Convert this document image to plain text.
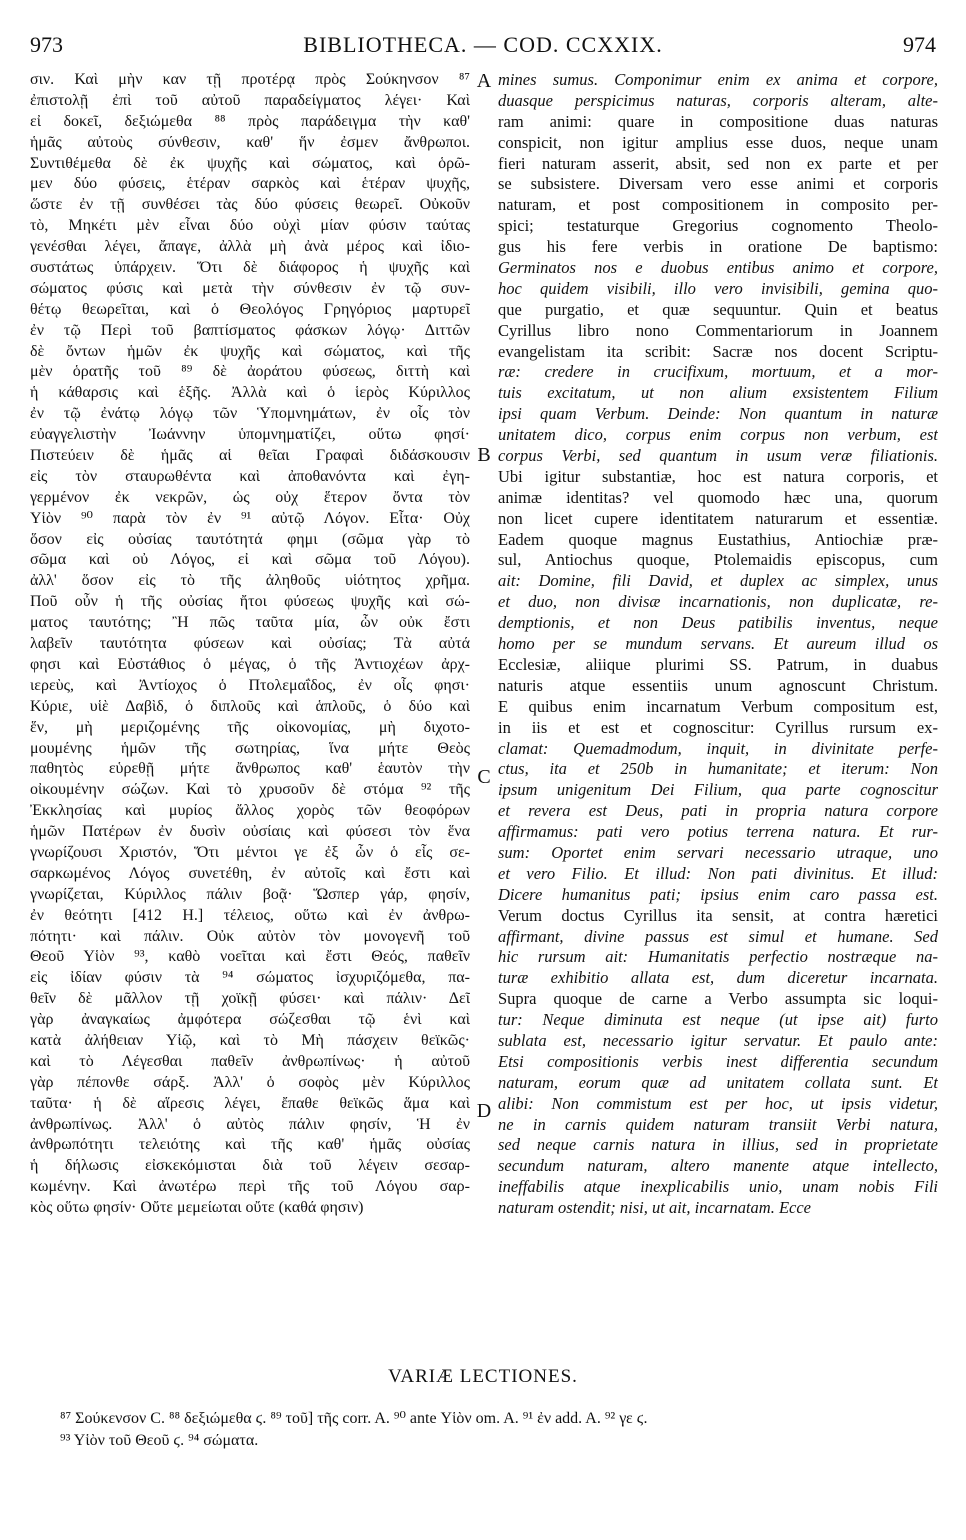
973	BIBLIOTHECA. — COD. CCXXIX.	974
σιν. Καὶ μὴν καν τῇ προτέρᾳ πρὸς Σούκηνσον ⁸⁷
ἐπιστολῇ ἐπὶ τοῦ αὐτοῦ παραδείγματος λέγει· Καὶ
εἰ δοκεῖ, δεξιώμεθα ⁸⁸ πρὸς παράδειγμα τὴν καθ'
ἡμᾶς αὐτοὺς σύνθεσιν, καθ' ἥν ἐσμεν ἄνθρωποι.
Συντιθέμεθα δὲ ἐκ ψυχῆς καὶ σώματος, καὶ ὁρῶ-
μεν δύο φύσεις, ἑτέραν σαρκὸς καὶ ἑτέραν ψυχῆς,
ὥστε ἐν τῇ συνθέσει τὰς δύο φύσεις θεωρεῖ. Οὐκοῦν
τὸ, Μηκέτι μὲν εἶναι δύο οὐχὶ μίαν φύσιν ταύτας
γενέσθαι λέγει, ἄπαγε, ἀλλὰ μὴ ἀνὰ μέρος καὶ ἰδιο-
συστάτως ὑπάρχειν. Ὅτι δὲ διάφορος ἡ ψυχῆς καὶ
σώματος φύσις καὶ μετὰ τὴν σύνθεσιν ἐν τῷ συν-
θέτῳ θεωρεῖται, καὶ ὁ Θεολόγος Γρηγόριος μαρτυρεῖ
ἐν τῷ Περὶ τοῦ βαπτίσματος φάσκων λόγῳ· Διττῶν
δὲ ὄντων ἡμῶν ἐκ ψυχῆς καὶ σώματος, καὶ τῆς
μὲν ὁρατῆς τοῦ ⁸⁹ δὲ ἀοράτου φύσεως, διττὴ καὶ
ἡ κάθαρσις καὶ ἑξῆς. Ἀλλὰ καὶ ὁ ἱερὸς Κύριλλος
ἐν τῷ ἐνάτῳ λόγῳ τῶν Ὑπομνημάτων, ἐν οἷς τὸν
εὐαγγελιστὴν Ἰωάννην ὑπομνηματίζει, οὕτω φησί·
Πιστεύειν δὲ ἡμᾶς αἱ θεῖαι Γραφαὶ διδάσκουσιν
εἰς τὸν σταυρωθέντα καὶ ἀποθανόντα καὶ ἐγη-
γερμένον ἐκ νεκρῶν, ὡς οὐχ ἕτερον ὄντα τὸν
Υἱὸν ⁹⁰ παρὰ τὸν ἐν ⁹¹ αὐτῷ Λόγον. Εἶτα· Οὐχ
ὅσον εἰς οὐσίας ταυτότητά φημι (σῶμα γὰρ τὸ
σῶμα καὶ οὐ Λόγος, εἰ καὶ σῶμα τοῦ Λόγου).
ἀλλ' ὅσον εἰς τὸ τῆς ἀληθοῦς υἱότητος χρῆμα.
Ποῦ οὖν ἡ τῆς οὐσίας ἤτοι φύσεως ψυχῆς καὶ σώ-
ματος ταυτότης; Ἢ πῶς ταῦτα μία, ὧν οὐκ ἔστι
λαβεῖν ταυτότητα φύσεων καὶ οὐσίας; Τὰ αὐτά
φησι καὶ Εὐστάθιος ὁ μέγας, ὁ τῆς Ἀντιοχέων ἀρχ-
ιερεὺς, καὶ Ἀντίοχος ὁ Πτολεμαΐδος, ἐν οἷς φησι·
Κύριε, υἱὲ Δαβὶδ, ὁ διπλοῦς καὶ ἁπλοῦς, ὁ δύο καὶ
ἕν, μὴ μεριζομένης τῆς οἰκονομίας, μὴ διχοτο-
μουμένης ἡμῶν τῆς σωτηρίας, ἵνα μήτε Θεὸς
παθητὸς εὑρεθῇ μήτε ἄνθρωπος καθ' ἑαυτὸν τὴν
οἰκουμένην σώζων. Καὶ τὸ χρυσοῦν δὲ στόμα ⁹² τῆς
Ἐκκλησίας καὶ μυρίος ἄλλος χορὸς τῶν θεοφόρων
ἡμῶν Πατέρων ἐν δυσὶν οὐσίαις καὶ φύσεσι τὸν ἕνα
γνωρίζουσι Χριστόν, Ὅτι μέντοι γε ἐξ ὧν ὁ εἷς σε-
σαρκωμένος Λόγος συνετέθη, ἐν αὐτοῖς καὶ ἔστι καὶ
γνωρίζεται, Κύριλλος πάλιν βοᾷ· Ὥσπερ γάρ, φησίν,
ἐν θεότητι [412 H.] τέλειος, οὕτω καὶ ἐν ἀνθρω-
πότητι· καὶ πάλιν. Οὐκ αὐτὸν τὸν μονογενῆ τοῦ
Θεοῦ Υἱὸν ⁹³, καθὸ νοεῖται καὶ ἔστι Θεός, παθεῖν
εἰς ἰδίαν φύσιν τὰ ⁹⁴ σώματος ἰσχυριζόμεθα, πα-
θεῖν δὲ μᾶλλον τῇ χοϊκῇ φύσει· καὶ πάλιν· Δεῖ
γὰρ ἀναγκαίως ἀμφότερα σώζεσθαι τῷ ἑνὶ καὶ
κατὰ ἀλήθειαν Υἱῷ, καὶ τὸ Μὴ πάσχειν θεϊκῶς·
καὶ τὸ Λέγεσθαι παθεῖν ἀνθρωπίνως· ἡ αὐτοῦ
γὰρ πέπονθε σάρξ. Ἀλλ' ὁ σοφὸς μὲν Κύριλλος
ταῦτα· ἡ δὲ αἵρεσις λέγει, ἔπαθε θεϊκῶς ἅμα καὶ
ἀνθρωπίνως. Ἀλλ' ὁ αὐτὸς πάλιν φησίν, Ἡ ἐν
ἀνθρωπότητι τελειότης καὶ τῆς καθ' ἡμᾶς οὐσίας
ἡ δήλωσις εἰσκεκόμισται διὰ τοῦ λέγειν σεσαρ-
κωμένην. Καὶ ἀνωτέρω περὶ τῆς τοῦ Λόγου σαρ-
κὸς οὕτω φησίν· Οὔτε μεμείωται οὔτε (καθά φησιν)
mines sumus. Componimur enim ex anima et corpore,
duasque perspicimus naturas, corporis alteram, alte-
ram animi: quare in compositione duas naturas
conspicit, non igitur amplius esse duos, neque unam
fieri naturam asserit, absit, sed non ex parte et per
se subsistere. Diversam vero esse animi et corporis
naturam, et post compositionem in composito per-
spici; testaturque Gregorius cognomento Theolo-
gus his fere verbis in oratione De baptismo:
Germinatos nos e duobus entibus animo et corpore,
hoc quidem visibili, illo vero invisibili, gemina quo-
que purgatio, et quæ sequuntur. Quin et beatus
Cyrillus libro nono Commentariorum in Joannem
evangelistam ita scribit: Sacræ nos docent Scriptu-
ræ: credere in crucifixum, mortuum, et a mor-
tuis excitatum, ut non alium exsistentem Filium
ipsi quam Verbum. Deinde: Non quantum in naturæ
unitatem dico, corpus enim corpus non verbum, est
corpus Verbi, sed quantum in usum veræ filiationis.
Ubi igitur substantiæ, hoc est natura corporis, et
animæ identitas? vel quomodo hæc una, quorum
non licet cupere identitatem naturarum et essentiæ.
Eadem quoque magnus Eustathius, Antiochiæ præ-
sul, Antiochus quoque, Ptolemaidis episcopus, cum
ait: Domine, fili David, et duplex ac simplex, unus
et duo, non divisæ incarnationis, non duplicatæ, re-
demptionis, et non Deus patibilis inventus, neque
homo per se mundum servans. Et aureum illud os
Ecclesiæ, aliique plurimi SS. Patrum, in duabus
naturis atque essentiis unum agnoscunt Christum.
E quibus enim incarnatum Verbum compositum est,
in iis et est et cognoscitur: Cyrillus rursum ex-
clamat: Quemadmodum, inquit, in divinitate perfe-
ctus, ita et 250b in humanitate; et iterum: Non
ipsum unigenitum Dei Filium, qua parte cognoscitur
et revera est Deus, pati in propria natura corpore
affirmamus: pati vero potius terrena natura. Et rur-
sum: Oportet enim servari necessario utraque, uno
et vero Filio. Et illud: Non pati divinitus. Et illud:
Dicere humanitus pati; ipsius enim caro passa est.
Verum doctus Cyrillus ita sensit, at contra hæretici
affirmant, divine passus est simul et humane. Sed
hic rursum ait: Humanitatis perfectio nostræque na-
turæ exhibitio allata est, dum diceretur incarnata.
Supra quoque de carne a Verbo assumpta sic loqui-
tur: Neque diminuta est neque (ut ipse ait) furto
sublata est, necessario igitur servatur. Et paulo ante:
Etsi compositionis verbis inest differentia secundum
naturam, eorum quæ ad unitatem collata sunt. Et
alibi: Non commistum est per hoc, ut ipsis videtur,
ne in carnis quidem naturam transiit Verbi natura,
sed neque carnis natura in illius, sed in proprietate
secundum naturam, altero manente atque intellecto,
ineffabilis atque inexplicabilis unio, unam nobis Fili
naturam ostendit; nisi, ut ait, incarnatam. Ecce
A
B
C
D
VARIÆ LECTIONES.
⁸⁷ Σούκενσον C. ⁸⁸ δεξιώμεθα ϛ. ⁸⁹ τοῦ] τῆς corr. A. ⁹⁰ ante Υἱὸν om. A. ⁹¹ ἐν add. A. ⁹² γε ϛ.
⁹³ Υἱὸν τοῦ Θεοῦ ϛ. ⁹⁴ σώματα.
